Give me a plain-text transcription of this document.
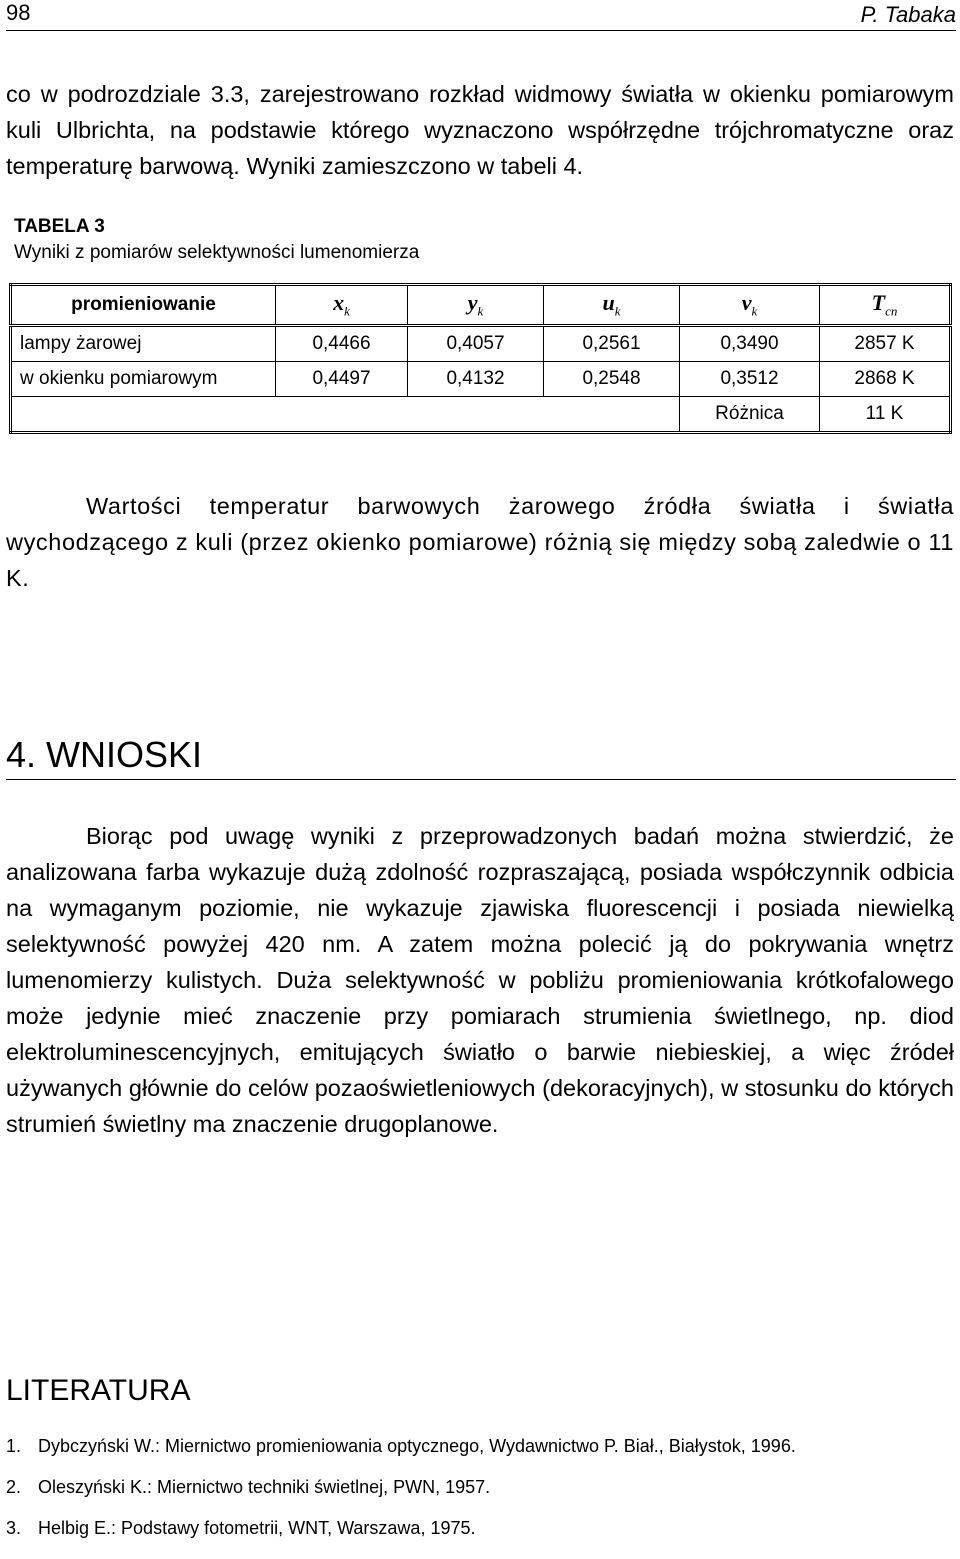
98	P. Tabaka

co w podrozdziale 3.3, zarejestrowano rozkład widmowy światła w okienku pomiarowym kuli Ulbrichta, na podstawie którego wyznaczono współrzędne trójchromatyczne oraz temperaturę barwową. Wyniki zamieszczono w tabeli 4.

TABELA 3
Wyniki z pomiarów selektywności lumenomierza
promieniowanie	$x_k$	$y_k$	$u_k$	$v_k$	$T_{cn}$
lampy żarowej	0,4466	0,4057	0,2561	0,3490	2857 K
w okienku pomiarowym	0,4497	0,4132	0,2548	0,3512	2868 K
				Różnica	11 K

Wartości temperatur barwowych żarowego źródła światła i światła wychodzącego z kuli (przez okienko pomiarowe) różnią się między sobą zaledwie o 11 K.

4. WNIOSKI

Biorąc pod uwagę wyniki z przeprowadzonych badań można stwierdzić, że analizowana farba wykazuje dużą zdolność rozpraszającą, posiada współczynnik odbicia na wymaganym poziomie, nie wykazuje zjawiska fluorescencji i posiada niewielką selektywność powyżej 420 nm. A zatem można polecić ją do pokrywania wnętrz lumenomierzy kulistych. Duża selektywność w pobliżu promieniowania krótkofalowego może jedynie mieć znaczenie przy pomiarach strumienia świetlnego, np. diod elektroluminescencyjnych, emitujących światło o barwie niebieskiej, a więc źródeł używanych głównie do celów pozaoświetleniowych (dekoracyjnych), w stosunku do których strumień świetlny ma znaczenie drugoplanowe.

LITERATURA
1. Dybczyński W.: Miernictwo promieniowania optycznego, Wydawnictwo P. Biał., Białystok, 1996.
2. Oleszyński K.: Miernictwo techniki świetlnej, PWN, 1957.
3. Helbig E.: Podstawy fotometrii, WNT, Warszawa, 1975.
